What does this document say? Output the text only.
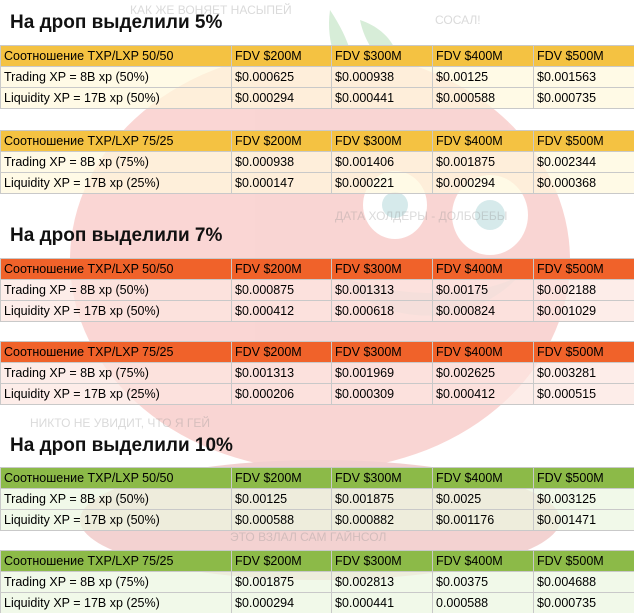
КАК ЖЕ ВОНЯЕТ НАСЫПЕЙ
СОСАЛ!
ДАТА ХОЛДЕРЫ - ДОЛБОЕБЫ
НИКТО НЕ УВИДИТ, ЧТО Я ГЕЙ
ЭТО ВЗЛАЛ САМ ГАЙНСОЛ
На дроп выделили 5%
Соотношение TXP/LXP 50/50	FDV $200M	FDV $300M	FDV $400M	FDV $500M
Trading XP = 8B xp (50%)	$0.000625	$0.000938	$0.00125	$0.001563
Liquidity XP = 17B xp (50%)	$0.000294	$0.000441	$0.000588	$0.000735
Соотношение TXP/LXP 75/25	FDV $200M	FDV $300M	FDV $400M	FDV $500M
Trading XP = 8B xp (75%)	$0.000938	$0.001406	$0.001875	$0.002344
Liquidity XP = 17B xp (25%)	$0.000147	$0.000221	$0.000294	$0.000368
На дроп выделили 7%
Соотношение TXP/LXP 50/50	FDV $200M	FDV $300M	FDV $400M	FDV $500M
Trading XP = 8B xp (50%)	$0.000875	$0.001313	$0.00175	$0.002188
Liquidity XP = 17B xp (50%)	$0.000412	$0.000618	$0.000824	$0.001029
Соотношение TXP/LXP 75/25	FDV $200M	FDV $300M	FDV $400M	FDV $500M
Trading XP = 8B xp (75%)	$0.001313	$0.001969	$0.002625	$0.003281
Liquidity XP = 17B xp (25%)	$0.000206	$0.000309	$0.000412	$0.000515
На дроп выделили 10%
Соотношение TXP/LXP 50/50	FDV $200M	FDV $300M	FDV $400M	FDV $500M
Trading XP = 8B xp (50%)	$0.00125	$0.001875	$0.0025	$0.003125
Liquidity XP = 17B xp (50%)	$0.000588	$0.000882	$0.001176	$0.001471
Соотношение TXP/LXP 75/25	FDV $200M	FDV $300M	FDV $400M	FDV $500M
Trading XP = 8B xp (75%)	$0.001875	$0.002813	$0.00375	$0.004688
Liquidity XP = 17B xp (25%)	$0.000294	$0.000441	0.000588	$0.000735
